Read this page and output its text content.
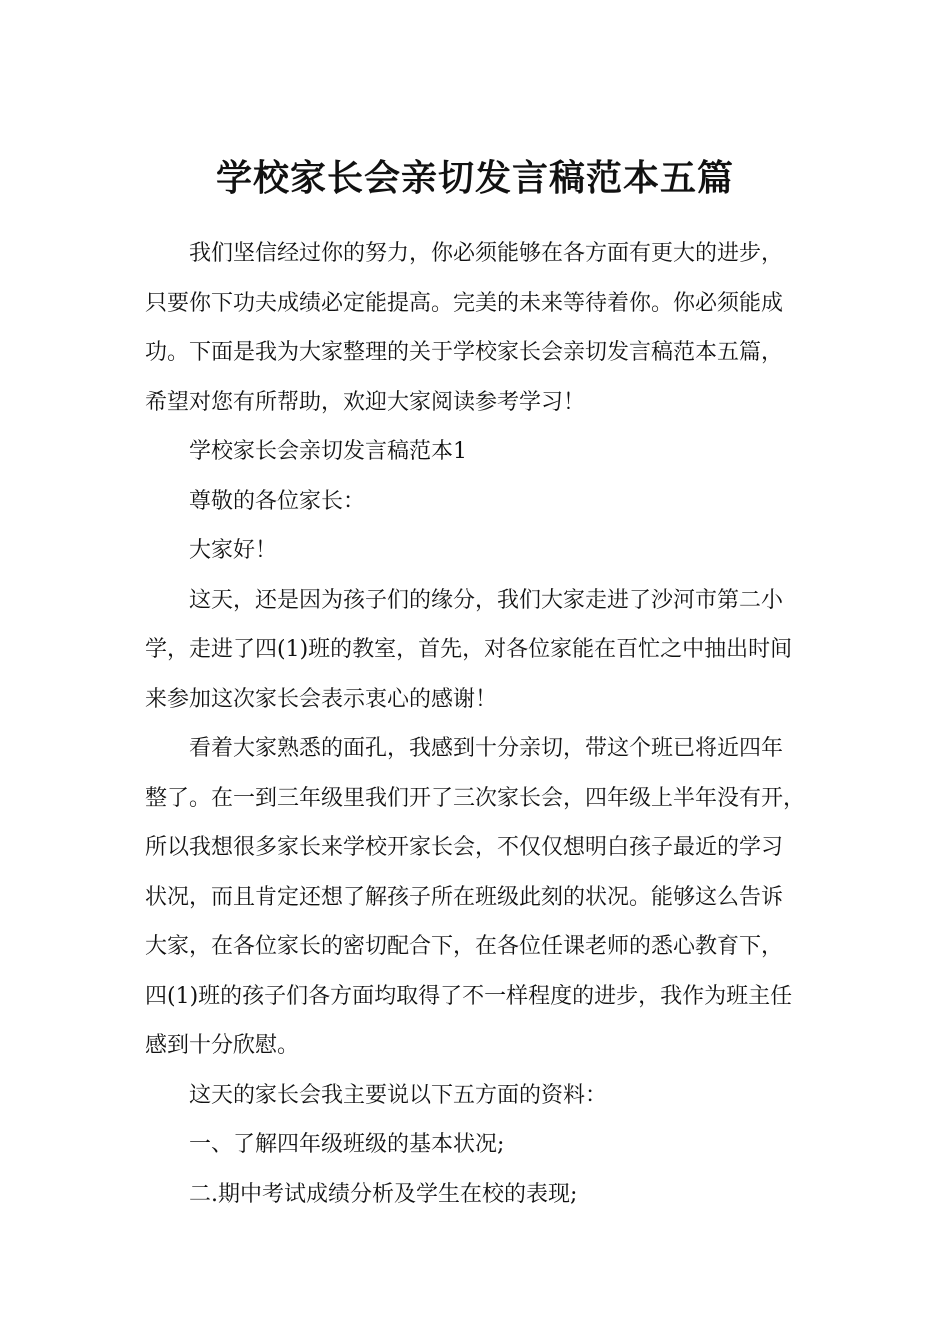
学校家长会亲切发言稿范本五篇

我们坚信经过你的努力，你必须能够在各方面有更大的进步，
只要你下功夫成绩必定能提高。完美的未来等待着你。你必须能成
功。下面是我为大家整理的关于学校家长会亲切发言稿范本五篇，
希望对您有所帮助，欢迎大家阅读参考学习！

学校家长会亲切发言稿范本1

尊敬的各位家长：

大家好！

这天，还是因为孩子们的缘分，我们大家走进了沙河市第二小
学，走进了四(1)班的教室，首先，对各位家能在百忙之中抽出时间
来参加这次家长会表示衷心的感谢！

看着大家熟悉的面孔，我感到十分亲切，带这个班已将近四年
整了。在一到三年级里我们开了三次家长会，四年级上半年没有开，
所以我想很多家长来学校开家长会，不仅仅想明白孩子最近的学习
状况，而且肯定还想了解孩子所在班级此刻的状况。能够这么告诉
大家，在各位家长的密切配合下，在各位任课老师的悉心教育下，
四(1)班的孩子们各方面均取得了不一样程度的进步，我作为班主任
感到十分欣慰。

这天的家长会我主要说以下五方面的资料：

一、了解四年级班级的基本状况;

二.期中考试成绩分析及学生在校的表现;
